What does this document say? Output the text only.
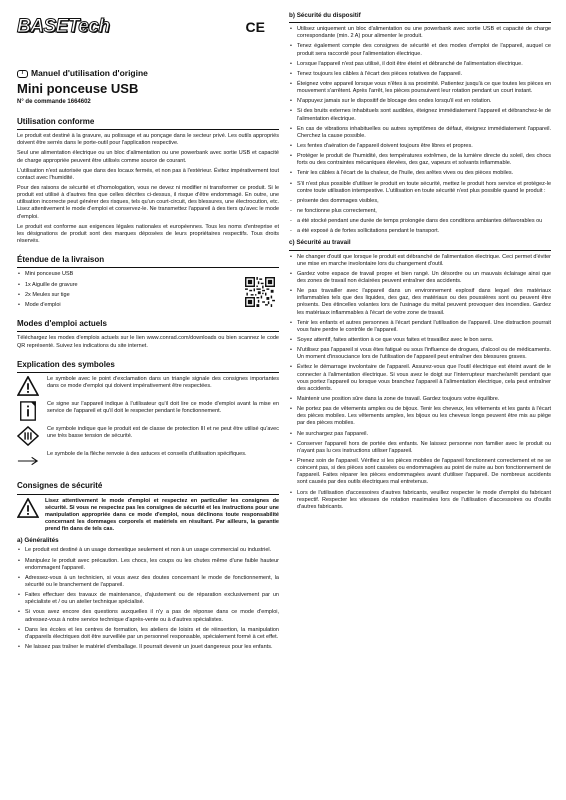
BASETech	CE
i Manuel d'utilisation d'origine
Mini ponceuse USB
N° de commande 1664602
Utilisation conforme

Le produit est destiné à la gravure, au polissage et au ponçage dans le secteur privé. Les outils appropriés doivent être serrés dans le porte-outil pour l'application respective.

Seul une alimentation électrique ou un bloc d'alimentation ou une powerbank avec sortie USB et capacité de charge appropriée peuvent être utilisés comme source de courant.

L'utilisation n'est autorisée que dans des locaux fermés, et non pas à l'extérieur. Évitez impérativement tout contact avec l'humidité.

Pour des raisons de sécurité et d'homologation, vous ne devez ni modifier ni transformer ce produit. Si le produit est utilisé à d'autres fins que celles décrites ci-dessus, il risque d'être endommagé. En outre, une utilisation incorrecte peut générer des risques, tels qu'un court-circuit, des blessures, une électrocution, etc. Lisez attentivement le mode d'emploi et conservez-le. Ne transmettez l'appareil à des tiers qu'avec le mode d'emploi.

Le produit est conforme aux exigences légales nationales et européennes. Tous les noms d'entreprise et les désignations de produit sont des marques déposées de leurs propriétaires respectifs. Tous droits réservés.

Étendue de la livraison
• Mini ponceuse USB
• 1x Aiguille de gravure
• 2x Meules sur tige
• Mode d'emploi
Modes d'emploi actuels

Téléchargez les modes d'emplois actuels sur le lien www.conrad.com/downloads ou bien scannez le code QR représenté. Suivez les indications du site internet.

Explication des symboles
Le symbole avec le point d'exclamation dans un triangle signale des consignes importantes dans ce mode d'emploi qui doivent impérativement être respectées.
Ce signe sur l'appareil indique à l'utilisateur qu'il doit lire ce mode d'emploi avant la mise en service de l'appareil et qu'il doit le respecter pendant le fonctionnement.
Ce symbole indique que le produit est de classe de protection III et ne peut être utilisé qu'avec une très basse tension de sécurité.
Le symbole de la flèche renvoie à des astuces et conseils d'utilisation spécifiques.
Consignes de sécurité

Lisez attentivement le mode d'emploi et respectez en particulier les consignes de sécurité. Si vous ne respectez pas les consignes de sécurité et les instructions pour une manipulation appropriée dans ce mode d'emploi, nous déclinons toute responsabilité concernant les dommages corporels et matériels en résultant. Par ailleurs, la garantie prend fin dans de tels cas.

a) Généralités
• Le produit est destiné à un usage domestique seulement et non à un usage commercial ou industriel.
• Manipulez le produit avec précaution. Les chocs, les coups ou les chutes même d'une faible hauteur endommagent l'appareil.
• Adressez-vous à un technicien, si vous avez des doutes concernant le mode de fonctionnement, la sécurité ou le branchement de l'appareil.
• Faites effectuer des travaux de maintenance, d'ajustement ou de réparation exclusivement par un spécialiste et / ou un atelier technique spécialisé.
• Si vous avez encore des questions auxquelles il n'y a pas de réponse dans ce mode d'emploi, adressez-vous à notre service technique d'après-vente ou à d'autres spécialistes.
• Dans les écoles et les centres de formation, les ateliers de loisirs et de réinsertion, la manipulation d'appareils électriques doit être surveillée par un personnel responsable, spécialement formé à cet effet.
• Ne laissez pas traîner le matériel d'emballage. Il pourrait devenir un jouet dangereux pour les enfants.
b) Sécurité du dispositif
• Utilisez uniquement un bloc d'alimentation ou une powerbank avec sortie USB et capacité de charge correspondante (min. 2 A) pour alimenter le produit.
• Tenez également compte des consignes de sécurité et des modes d'emploi de l'appareil, auquel ce produit sera raccordé pour l'alimentation électrique.
• Lorsque l'appareil n'est pas utilisé, il doit être éteint et débranché de l'alimentation électrique.
• Tenez toujours les câbles à l'écart des pièces rotatives de l'appareil.
• Éteignez votre appareil lorsque vous n'êtes à sa proximité. Patientez jusqu'à ce que toutes les pièces en mouvement s'arrêtent. Après l'arrêt, les pièces poursuivent leur rotation pendant un court instant.
• N'appuyez jamais sur le dispositif de blocage des ondes lorsqu'il est en rotation.
• Si des bruits externes inhabituels sont audibles, éteignez immédiatement l'appareil et débranchez-le de l'alimentation électrique.
• En cas de vibrations inhabituelles ou autres symptômes de défaut, éteignez immédiatement l'appareil. Cherchez la cause possible.
• Les fentes d'aération de l'appareil doivent toujours être libres et propres.
• Protéger le produit de l'humidité, des températures extrêmes, de la lumière directe du soleil, des chocs forts ou des contraintes mécaniques élevées, des gaz, vapeurs et solvants inflammable.
• Tenir les câbles à l'écart de la chaleur, de l'huile, des arêtes vives ou des pièces mobiles.
• S'il n'est plus possible d'utiliser le produit en toute sécurité, mettez le produit hors service et protégez-le contre toute utilisation intempestive. L'utilisation en toute sécurité n'est plus possible quand le produit :
- présente des dommages visibles,
- ne fonctionne plus correctement,
- a été stocké pendant une durée de temps prolongée dans des conditions ambiantes défavorables ou
- a été exposé à de fortes sollicitations pendant le transport.
c) Sécurité au travail
• Ne changer d'outil que lorsque le produit est débranché de l'alimentation électrique. Ceci permet d'éviter une mise en marche involontaire lors du changement d'outil.
• Gardez votre espace de travail propre et bien rangé. Un désordre ou un mauvais éclairage ainsi que des zones de travail non éclairées peuvent entraîner des accidents.
• Ne pas travailler avec l'appareil dans un environnement explosif dans lequel des matériaux inflammables tels que des liquides, des gaz, des matériaux ou des poussières sont ou peuvent être présents. Des étincelles volantes lors de l'usinage du métal peuvent provoquer des incendies. Gardez les matériaux inflammables à l'écart de votre zone de travail.
• Tenir les enfants et autres personnes à l'écart pendant l'utilisation de l'appareil. Une distraction pourrait vous faire perdre le contrôle de l'appareil.
• Soyez attentif, faites attention à ce que vous faites et travaillez avec le bon sens.
• N'utilisez pas l'appareil si vous êtes fatigué ou sous l'influence de drogues, d'alcool ou de médicaments. Un moment d'insouciance lors de l'utilisation de l'appareil peut entraîner des blessures graves.
• Évitez le démarrage involontaire de l'appareil. Assurez-vous que l'outil électrique est éteint avant de le connecter à l'alimentation électrique. Si vous avez le doigt sur l'interrupteur marche/arrêt pendant que vous portez l'appareil ou lorsque vous branchez l'appareil à l'alimentation électrique, cela peut entraîner des accidents.
• Maintenir une position sûre dans la zone de travail. Gardez toujours votre équilibre.
• Ne portez pas de vêtements amples ou de bijoux. Tenir les cheveux, les vêtements et les gants à l'écart des pièces mobiles. Les vêtements amples, les bijoux ou les cheveux longs peuvent être mis au piège par des pièces mobiles.
• Ne surchargez pas l'appareil.
• Conserver l'appareil hors de portée des enfants. Ne laissez personne non familier avec le produit ou n'ayant pas lu ces instructions utiliser l'appareil.
• Prenez soin de l'appareil. Vérifiez si les pièces mobiles de l'appareil fonctionnent correctement et ne se coincent pas, si des pièces sont cassées ou endommagées au point de nuire au bon fonctionnement de l'appareil. Faites réparer les pièces endommagées avant d'utiliser l'appareil. De nombreux accidents sont causés par des outils électriques mal entretenus.
• Lors de l'utilisation d'accessoires d'autres fabricants, veuillez respecter le mode d'emploi du fabricant respectif. Respecter les vitesses de rotation maximales lors de l'utilisation d'accessoires ou d'outils d'autres fabricants.
